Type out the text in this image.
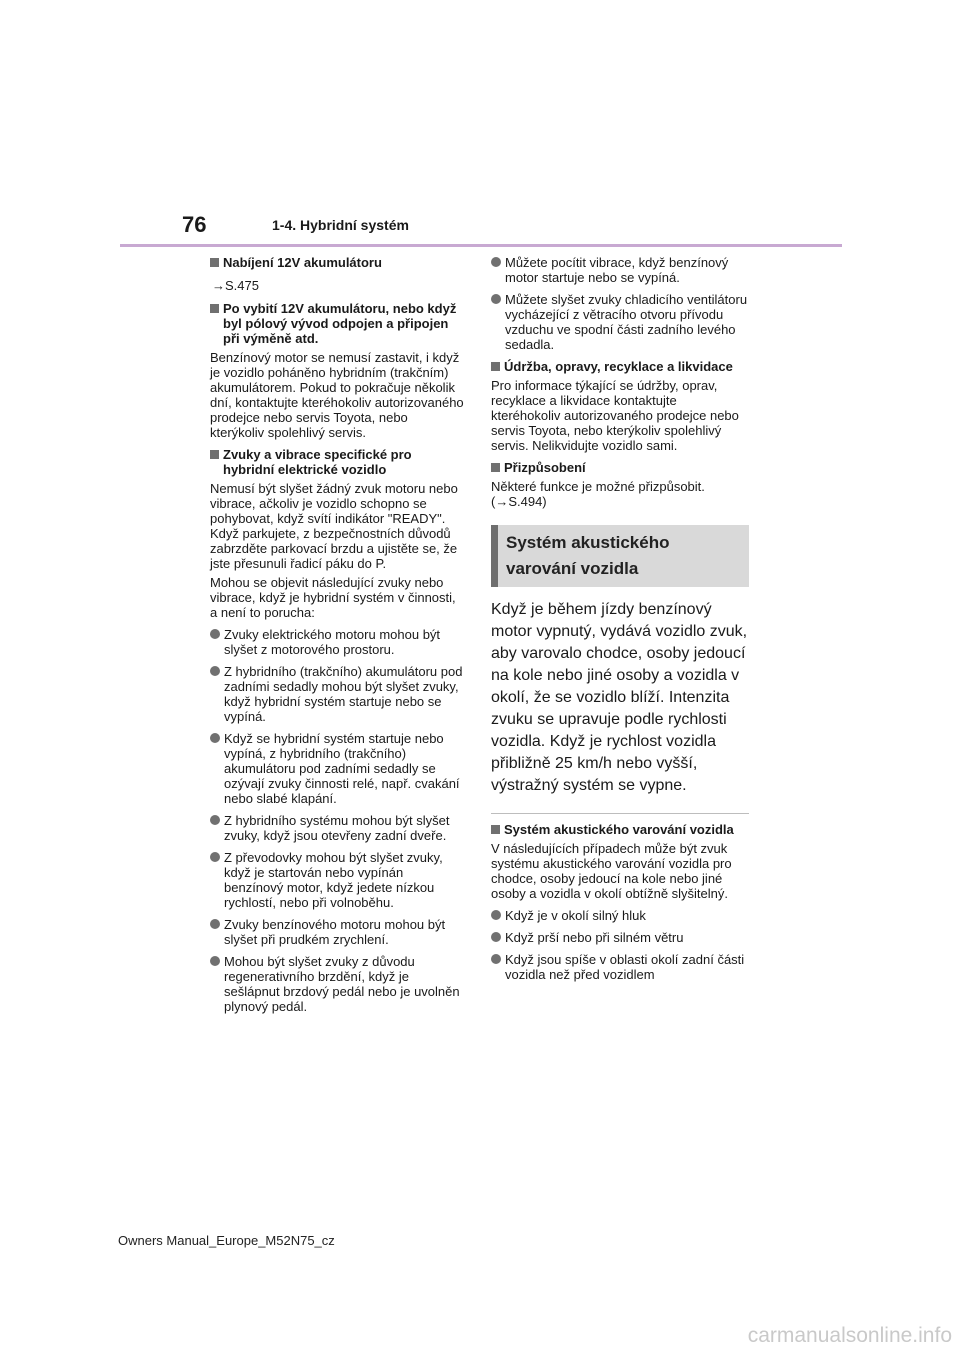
76	1-4. Hybridní systém
Nabíjení 12V akumulátoru
→S.475
Po vybití 12V akumulátoru, nebo když byl pólový vývod odpojen a připojen při výměně atd.
Benzínový motor se nemusí zastavit, i když je vozidlo poháněno hybridním (trakčním) akumulátorem. Pokud to pokračuje několik dní, kontaktujte kteréhokoliv autorizovaného prodejce nebo servis Toyota, nebo kterýkoliv spolehlivý servis.
Zvuky a vibrace specifické pro hybridní elektrické vozidlo
Nemusí být slyšet žádný zvuk motoru nebo vibrace, ačkoliv je vozidlo schopno se pohybovat, když svítí indikátor "READY". Když parkujete, z bezpečnostních důvodů zabrzděte parkovací brzdu a ujistěte se, že jste přesunuli řadicí páku do P.
Mohou se objevit následující zvuky nebo vibrace, když je hybridní systém v činnosti, a není to porucha:
Zvuky elektrického motoru mohou být slyšet z motorového prostoru.
Z hybridního (trakčního) akumulátoru pod zadními sedadly mohou být slyšet zvuky, když hybridní systém startuje nebo se vypíná.
Když se hybridní systém startuje nebo vypíná, z hybridního (trakčního) akumulátoru pod zadními sedadly se ozývají zvuky činnosti relé, např. cvakání nebo slabé klapání.
Z hybridního systému mohou být slyšet zvuky, když jsou otevřeny zadní dveře.
Z převodovky mohou být slyšet zvuky, když je startován nebo vypínán benzínový motor, když jedete nízkou rychlostí, nebo při volnoběhu.
Zvuky benzínového motoru mohou být slyšet při prudkém zrychlení.
Mohou být slyšet zvuky z důvodu regenerativního brzdění, když je sešlápnut brzdový pedál nebo je uvolněn plynový pedál.
Můžete pocítit vibrace, když benzínový motor startuje nebo se vypíná.
Můžete slyšet zvuky chladicího ventilátoru vycházející z větracího otvoru přívodu vzduchu ve spodní části zadního levého sedadla.
Údržba, opravy, recyklace a likvidace
Pro informace týkající se údržby, oprav, recyklace a likvidace kontaktujte kteréhokoliv autorizovaného prodejce nebo servis Toyota, nebo kterýkoliv spolehlivý servis. Nelikvidujte vozidlo sami.
Přizpůsobení
Některé funkce je možné přizpůsobit. (→S.494)
Systém akustického varování vozidla
Když je během jízdy benzínový motor vypnutý, vydává vozidlo zvuk, aby varovalo chodce, osoby jedoucí na kole nebo jiné osoby a vozidla v okolí, že se vozidlo blíží. Intenzita zvuku se upravuje podle rychlosti vozidla. Když je rychlost vozidla přibližně 25 km/h nebo vyšší, výstražný systém se vypne.
Systém akustického varování vozidla
V následujících případech může být zvuk systému akustického varování vozidla pro chodce, osoby jedoucí na kole nebo jiné osoby a vozidla v okolí obtížně slyšitelný.
Když je v okolí silný hluk
Když prší nebo při silném větru
Když jsou spíše v oblasti okolí zadní části vozidla než před vozidlem
Owners Manual_Europe_M52N75_cz
carmanualsonline.info
